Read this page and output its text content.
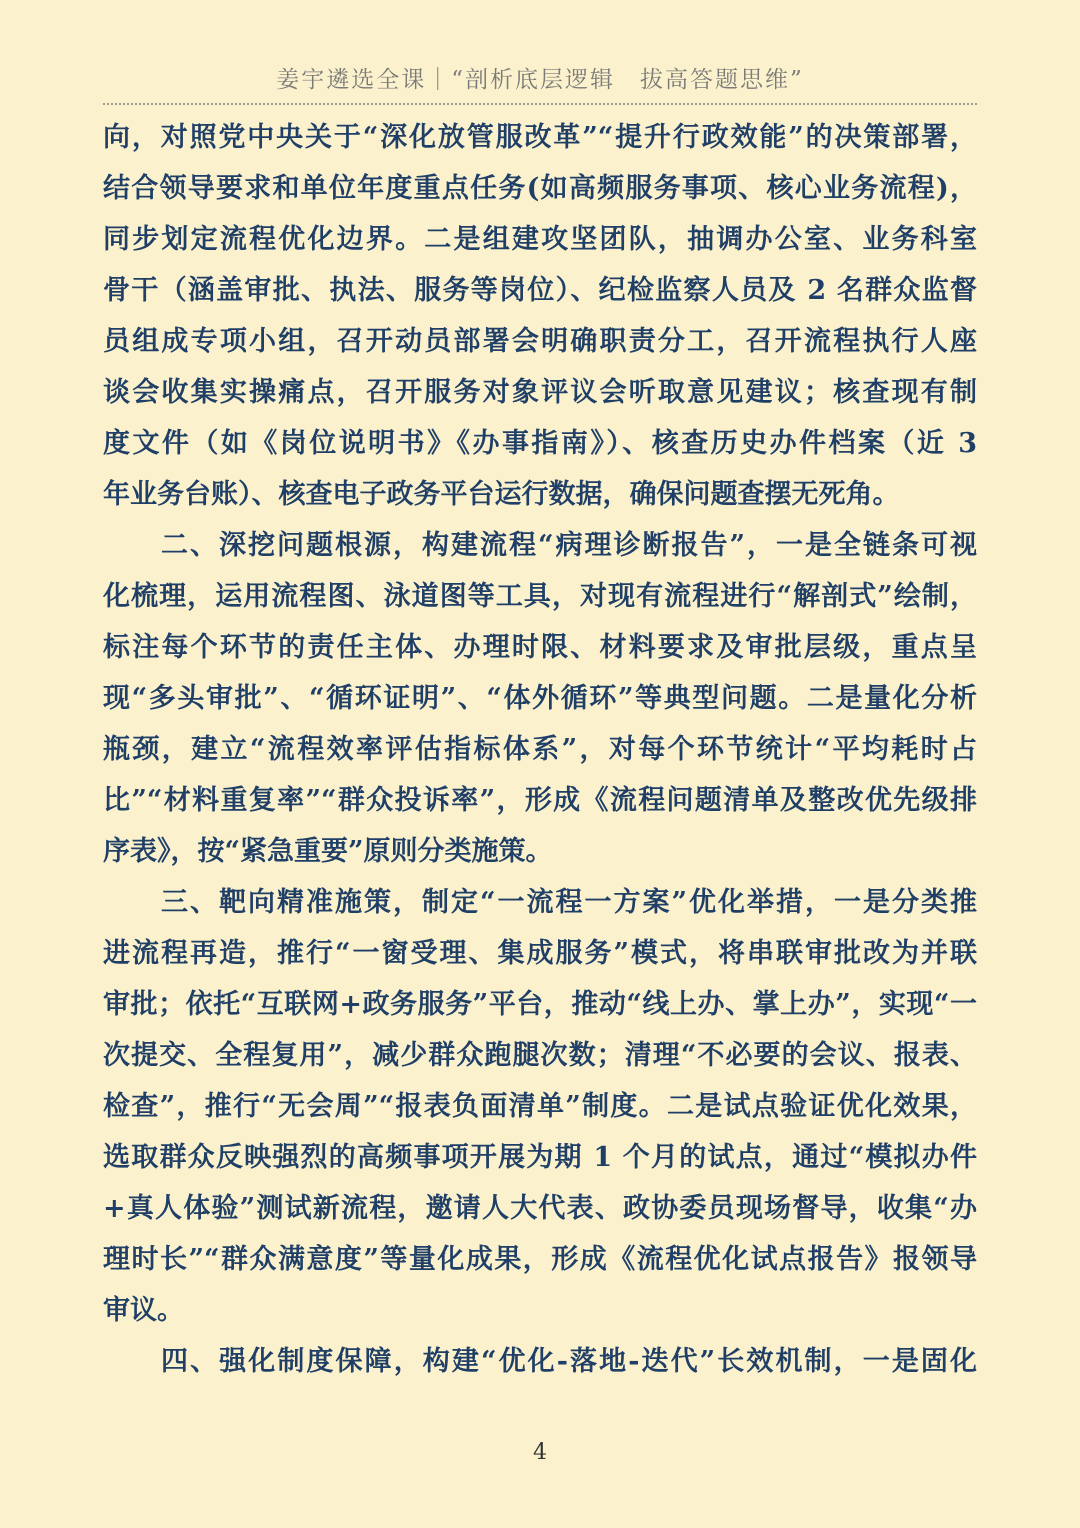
姜宇遴选全课｜“剖析底层逻辑　拔高答题思维”
向，对照党中央关于“深化放管服改革”“提升行政效能”的决策部署，
结合领导要求和单位年度重点任务(如高频服务事项、核心业务流程)，
同步划定流程优化边界。二是组建攻坚团队，抽调办公室、业务科室
骨干（涵盖审批、执法、服务等岗位）、纪检监察人员及 2 名群众监督
员组成专项小组，召开动员部署会明确职责分工，召开流程执行人座
谈会收集实操痛点，召开服务对象评议会听取意见建议；核查现有制
度文件（如《岗位说明书》《办事指南》）、核查历史办件档案（近 3
年业务台账）、核查电子政务平台运行数据，确保问题查摆无死角。
二、深挖问题根源，构建流程“病理诊断报告”，一是全链条可视
化梳理，运用流程图、泳道图等工具，对现有流程进行“解剖式”绘制，
标注每个环节的责任主体、办理时限、材料要求及审批层级，重点呈
现“多头审批”、“循环证明”、“体外循环”等典型问题。二是量化分析
瓶颈，建立“流程效率评估指标体系”，对每个环节统计“平均耗时占
比”“材料重复率”“群众投诉率”，形成《流程问题清单及整改优先级排
序表》，按“紧急重要”原则分类施策。
三、靶向精准施策，制定“一流程一方案”优化举措，一是分类推
进流程再造，推行“一窗受理、集成服务”模式，将串联审批改为并联
审批；依托“互联网+政务服务”平台，推动“线上办、掌上办”，实现“一
次提交、全程复用”，减少群众跑腿次数；清理“不必要的会议、报表、
检查”，推行“无会周”“报表负面清单”制度。二是试点验证优化效果，
选取群众反映强烈的高频事项开展为期 1 个月的试点，通过“模拟办件
+真人体验”测试新流程，邀请人大代表、政协委员现场督导，收集“办
理时长”“群众满意度”等量化成果，形成《流程优化试点报告》报领导
审议。
四、强化制度保障，构建“优化-落地-迭代”长效机制，一是固化
4
